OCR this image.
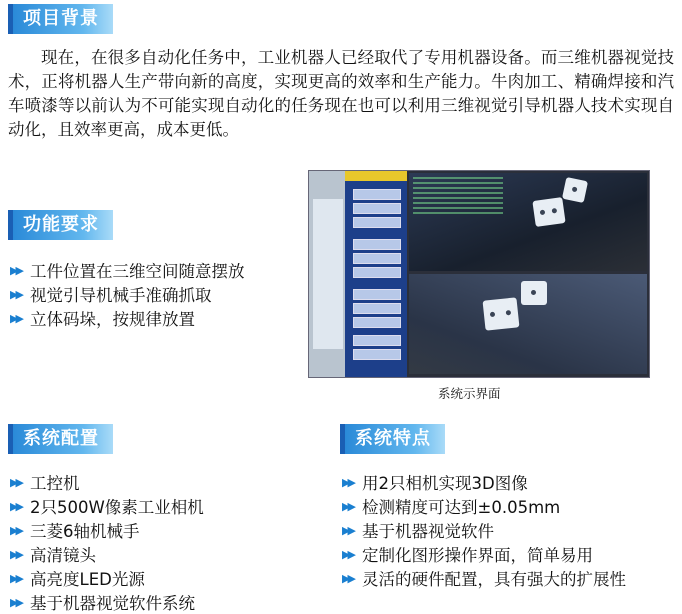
项目背景
现在，在很多自动化任务中，工业机器人已经取代了专用机器设备。而三维机器视觉技术，正将机器人生产带向新的高度，实现更高的效率和生产能力。牛肉加工、精确焊接和汽车喷漆等以前认为不可能实现自动化的任务现在也可以利用三维视觉引导机器人技术实现自动化，且效率更高，成本更低。
功能要求
▶▶ 工件位置在三维空间随意摆放
▶▶ 视觉引导机械手准确抓取
▶▶ 立体码垛，按规律放置
系统示界面
系统配置
▶▶ 工控机
▶▶ 2只500W像素工业相机
▶▶ 三菱6轴机械手
▶▶ 高清镜头
▶▶ 高亮度LED光源
▶▶ 基于机器视觉软件系统
系统特点
▶▶ 用2只相机实现3D图像
▶▶ 检测精度可达到±0.05mm
▶▶ 基于机器视觉软件
▶▶ 定制化图形操作界面，简单易用
▶▶ 灵活的硬件配置，具有强大的扩展性
